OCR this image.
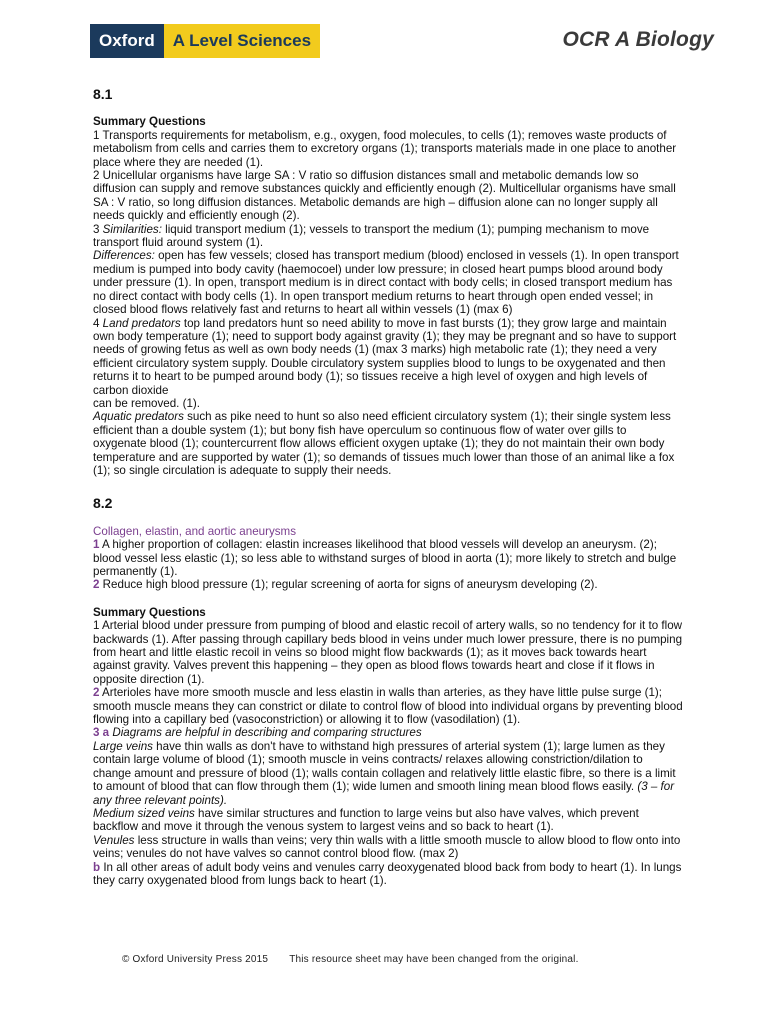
Oxford	A Level Sciences	OCR A Biology
8.1

Summary Questions

1 Transports requirements for metabolism, e.g., oxygen, food molecules, to cells (1); removes waste products of metabolism from cells and carries them to excretory organs (1); transports materials made in one place to another place where they are needed (1).

2 Unicellular organisms have large SA : V ratio so diffusion distances small and metabolic demands low so diffusion can supply and remove substances quickly and efficiently enough (2). Multicellular organisms have small SA : V ratio, so long diffusion distances. Metabolic demands are high – diffusion alone can no longer supply all needs quickly and efficiently enough (2).

3 Similarities: liquid transport medium (1); vessels to transport the medium (1); pumping mechanism to move transport fluid around system (1).

Differences: open has few vessels; closed has transport medium (blood) enclosed in vessels (1). In open transport medium is pumped into body cavity (haemocoel) under low pressure; in closed heart pumps blood around body under pressure (1). In open, transport medium is in direct contact with body cells; in closed transport medium has no direct contact with body cells (1). In open transport medium returns to heart through open ended vessel; in closed blood flows relatively fast and returns to heart all within vessels (1) (max 6)

4 Land predators top land predators hunt so need ability to move in fast bursts (1); they grow large and maintain own body temperature (1); need to support body against gravity (1); they may be pregnant and so have to support needs of growing fetus as well as own body needs (1) (max 3 marks) high metabolic rate (1); they need a very efficient circulatory system supply. Double circulatory system supplies blood to lungs to be oxygenated and then returns it to heart to be pumped around body (1); so tissues receive a high level of oxygen and high levels of carbon dioxide

can be removed. (1).

Aquatic predators such as pike need to hunt so also need efficient circulatory system (1); their single system less efficient than a double system (1); but bony fish have operculum so continuous flow of water over gills to oxygenate blood (1); countercurrent flow allows efficient oxygen uptake (1); they do not maintain their own body temperature and are supported by water (1); so demands of tissues much lower than those of an animal like a fox (1); so single circulation is adequate to supply their needs.

8.2

Collagen, elastin, and aortic aneurysms

1 A higher proportion of collagen: elastin increases likelihood that blood vessels will develop an aneurysm. (2); blood vessel less elastic (1); so less able to withstand surges of blood in aorta (1); more likely to stretch and bulge permanently (1).

2 Reduce high blood pressure (1); regular screening of aorta for signs of aneurysm developing (2).

Summary Questions

1 Arterial blood under pressure from pumping of blood and elastic recoil of artery walls, so no tendency for it to flow backwards (1). After passing through capillary beds blood in veins under much lower pressure, there is no pumping from heart and little elastic recoil in veins so blood might flow backwards (1); as it moves back towards heart against gravity. Valves prevent this happening – they open as blood flows towards heart and close if it flows in opposite direction (1).

2 Arterioles have more smooth muscle and less elastin in walls than arteries, as they have little pulse surge (1); smooth muscle means they can constrict or dilate to control flow of blood into individual organs by preventing blood flowing into a capillary bed (vasoconstriction) or allowing it to flow (vasodilation) (1).

3 a Diagrams are helpful in describing and comparing structures

Large veins have thin walls as don't have to withstand high pressures of arterial system (1); large lumen as they contain large volume of blood (1); smooth muscle in veins contracts/ relaxes allowing constriction/dilation to change amount and pressure of blood (1); walls contain collagen and relatively little elastic fibre, so there is a limit to amount of blood that can flow through them (1); wide lumen and smooth lining mean blood flows easily. (3 – for any three relevant points).

Medium sized veins have similar structures and function to large veins but also have valves, which prevent backflow and move it through the venous system to largest veins and so back to heart (1).

Venules less structure in walls than veins; very thin walls with a little smooth muscle to allow blood to flow onto into veins; venules do not have valves so cannot control blood flow. (max 2)

b In all other areas of adult body veins and venules carry deoxygenated blood back from body to heart (1). In lungs they carry oxygenated blood from lungs back to heart (1).

© Oxford University Press 2015 This resource sheet may have been changed from the original.
